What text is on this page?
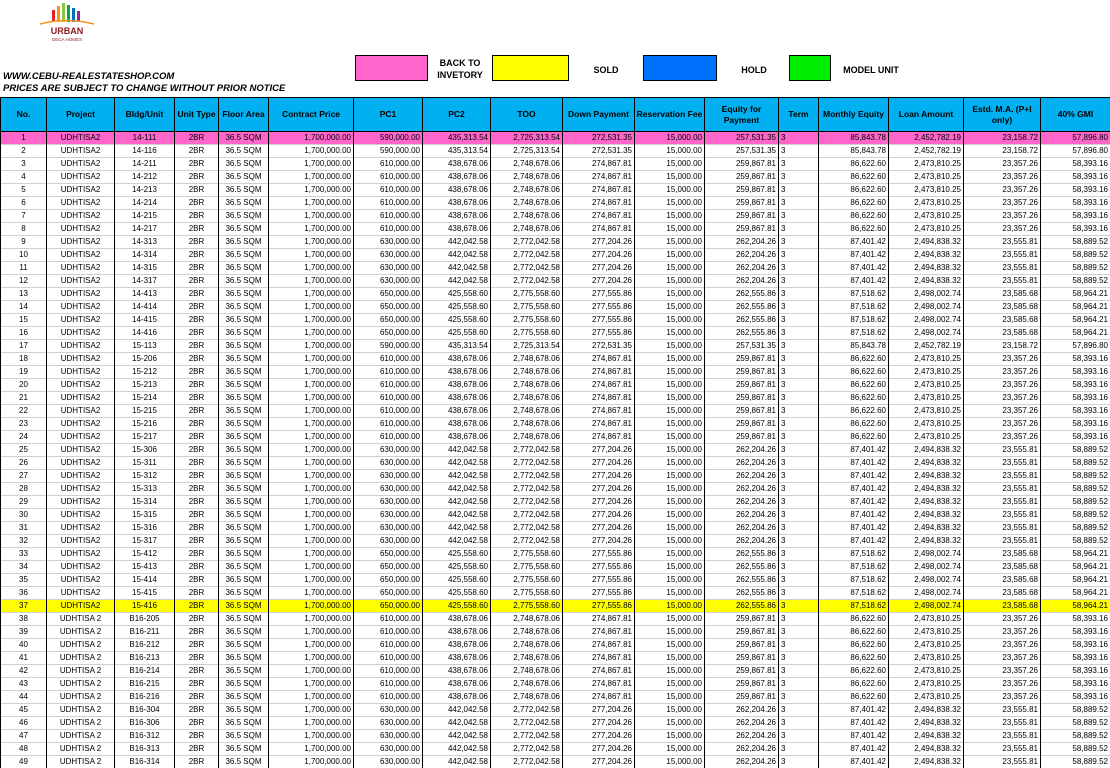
URBAN
DECA HOMES
WWW.CEBU-REALESTATESHOP.COM
PRICES ARE SUBJECT TO CHANGE WITHOUT PRIOR NOTICE
BACK TO
INVETORY	SOLD	HOLD	MODEL UNIT
No.	Project	Bldg/Unit	Unit Type	Floor Area	Contract Price	PC1	PC2	TOO	Down Payment	Reservation Fee	Equity for Payment	Term	Monthly Equity	Loan Amount	Estd. M.A. (P+I only)	40% GMI
1	UDHTISA2	14-111	2BR	36.5 SQM	1,700,000.00	590,000.00	435,313.54	2,725,313.54	272,531.35	15,000.00	257,531.35	3	85,843.78	2,452,782.19	23,158.72	57,896.80
2	UDHTISA2	14-116	2BR	36.5 SQM	1,700,000.00	590,000.00	435,313.54	2,725,313.54	272,531.35	15,000.00	257,531.35	3	85,843.78	2,452,782.19	23,158.72	57,896.80
3	UDHTISA2	14-211	2BR	36.5 SQM	1,700,000.00	610,000.00	438,678.06	2,748,678.06	274,867.81	15,000.00	259,867.81	3	86,622.60	2,473,810.25	23,357.26	58,393.16
4	UDHTISA2	14-212	2BR	36.5 SQM	1,700,000.00	610,000.00	438,678.06	2,748,678.06	274,867.81	15,000.00	259,867.81	3	86,622.60	2,473,810.25	23,357.26	58,393.16
5	UDHTISA2	14-213	2BR	36.5 SQM	1,700,000.00	610,000.00	438,678.06	2,748,678.06	274,867.81	15,000.00	259,867.81	3	86,622.60	2,473,810.25	23,357.26	58,393.16
6	UDHTISA2	14-214	2BR	36.5 SQM	1,700,000.00	610,000.00	438,678.06	2,748,678.06	274,867.81	15,000.00	259,867.81	3	86,622.60	2,473,810.25	23,357.26	58,393.16
7	UDHTISA2	14-215	2BR	36.5 SQM	1,700,000.00	610,000.00	438,678.06	2,748,678.06	274,867.81	15,000.00	259,867.81	3	86,622.60	2,473,810.25	23,357.26	58,393.16
8	UDHTISA2	14-217	2BR	36.5 SQM	1,700,000.00	610,000.00	438,678.06	2,748,678.06	274,867.81	15,000.00	259,867.81	3	86,622.60	2,473,810.25	23,357.26	58,393.16
9	UDHTISA2	14-313	2BR	36.5 SQM	1,700,000.00	630,000.00	442,042.58	2,772,042.58	277,204.26	15,000.00	262,204.26	3	87,401.42	2,494,838.32	23,555.81	58,889.52
10	UDHTISA2	14-314	2BR	36.5 SQM	1,700,000.00	630,000.00	442,042.58	2,772,042.58	277,204.26	15,000.00	262,204.26	3	87,401.42	2,494,838.32	23,555.81	58,889.52
11	UDHTISA2	14-315	2BR	36.5 SQM	1,700,000.00	630,000.00	442,042.58	2,772,042.58	277,204.26	15,000.00	262,204.26	3	87,401.42	2,494,838.32	23,555.81	58,889.52
12	UDHTISA2	14-317	2BR	36.5 SQM	1,700,000.00	630,000.00	442,042.58	2,772,042.58	277,204.26	15,000.00	262,204.26	3	87,401.42	2,494,838.32	23,555.81	58,889.52
13	UDHTISA2	14-413	2BR	36.5 SQM	1,700,000.00	650,000.00	425,558.60	2,775,558.60	277,555.86	15,000.00	262,555.86	3	87,518.62	2,498,002.74	23,585.68	58,964.21
14	UDHTISA2	14-414	2BR	36.5 SQM	1,700,000.00	650,000.00	425,558.60	2,775,558.60	277,555.86	15,000.00	262,555.86	3	87,518.62	2,498,002.74	23,585.68	58,964.21
15	UDHTISA2	14-415	2BR	36.5 SQM	1,700,000.00	650,000.00	425,558.60	2,775,558.60	277,555.86	15,000.00	262,555.86	3	87,518.62	2,498,002.74	23,585.68	58,964.21
16	UDHTISA2	14-416	2BR	36.5 SQM	1,700,000.00	650,000.00	425,558.60	2,775,558.60	277,555.86	15,000.00	262,555.86	3	87,518.62	2,498,002.74	23,585.68	58,964.21
17	UDHTISA2	15-113	2BR	36.5 SQM	1,700,000.00	590,000.00	435,313.54	2,725,313.54	272,531.35	15,000.00	257,531.35	3	85,843.78	2,452,782.19	23,158.72	57,896.80
18	UDHTISA2	15-206	2BR	36.5 SQM	1,700,000.00	610,000.00	438,678.06	2,748,678.06	274,867.81	15,000.00	259,867.81	3	86,622.60	2,473,810.25	23,357.26	58,393.16
19	UDHTISA2	15-212	2BR	36.5 SQM	1,700,000.00	610,000.00	438,678.06	2,748,678.06	274,867.81	15,000.00	259,867.81	3	86,622.60	2,473,810.25	23,357.26	58,393.16
20	UDHTISA2	15-213	2BR	36.5 SQM	1,700,000.00	610,000.00	438,678.06	2,748,678.06	274,867.81	15,000.00	259,867.81	3	86,622.60	2,473,810.25	23,357.26	58,393.16
21	UDHTISA2	15-214	2BR	36.5 SQM	1,700,000.00	610,000.00	438,678.06	2,748,678.06	274,867.81	15,000.00	259,867.81	3	86,622.60	2,473,810.25	23,357.26	58,393.16
22	UDHTISA2	15-215	2BR	36.5 SQM	1,700,000.00	610,000.00	438,678.06	2,748,678.06	274,867.81	15,000.00	259,867.81	3	86,622.60	2,473,810.25	23,357.26	58,393.16
23	UDHTISA2	15-216	2BR	36.5 SQM	1,700,000.00	610,000.00	438,678.06	2,748,678.06	274,867.81	15,000.00	259,867.81	3	86,622.60	2,473,810.25	23,357.26	58,393.16
24	UDHTISA2	15-217	2BR	36.5 SQM	1,700,000.00	610,000.00	438,678.06	2,748,678.06	274,867.81	15,000.00	259,867.81	3	86,622.60	2,473,810.25	23,357.26	58,393.16
25	UDHTISA2	15-306	2BR	36.5 SQM	1,700,000.00	630,000.00	442,042.58	2,772,042.58	277,204.26	15,000.00	262,204.26	3	87,401.42	2,494,838.32	23,555.81	58,889.52
26	UDHTISA2	15-311	2BR	36.5 SQM	1,700,000.00	630,000.00	442,042.58	2,772,042.58	277,204.26	15,000.00	262,204.26	3	87,401.42	2,494,838.32	23,555.81	58,889.52
27	UDHTISA2	15-312	2BR	36.5 SQM	1,700,000.00	630,000.00	442,042.58	2,772,042.58	277,204.26	15,000.00	262,204.26	3	87,401.42	2,494,838.32	23,555.81	58,889.52
28	UDHTISA2	15-313	2BR	36.5 SQM	1,700,000.00	630,000.00	442,042.58	2,772,042.58	277,204.26	15,000.00	262,204.26	3	87,401.42	2,494,838.32	23,555.81	58,889.52
29	UDHTISA2	15-314	2BR	36.5 SQM	1,700,000.00	630,000.00	442,042.58	2,772,042.58	277,204.26	15,000.00	262,204.26	3	87,401.42	2,494,838.32	23,555.81	58,889.52
30	UDHTISA2	15-315	2BR	36.5 SQM	1,700,000.00	630,000.00	442,042.58	2,772,042.58	277,204.26	15,000.00	262,204.26	3	87,401.42	2,494,838.32	23,555.81	58,889.52
31	UDHTISA2	15-316	2BR	36.5 SQM	1,700,000.00	630,000.00	442,042.58	2,772,042.58	277,204.26	15,000.00	262,204.26	3	87,401.42	2,494,838.32	23,555.81	58,889.52
32	UDHTISA2	15-317	2BR	36.5 SQM	1,700,000.00	630,000.00	442,042.58	2,772,042.58	277,204.26	15,000.00	262,204.26	3	87,401.42	2,494,838.32	23,555.81	58,889.52
33	UDHTISA2	15-412	2BR	36.5 SQM	1,700,000.00	650,000.00	425,558.60	2,775,558.60	277,555.86	15,000.00	262,555.86	3	87,518.62	2,498,002.74	23,585.68	58,964.21
34	UDHTISA2	15-413	2BR	36.5 SQM	1,700,000.00	650,000.00	425,558.60	2,775,558.60	277,555.86	15,000.00	262,555.86	3	87,518.62	2,498,002.74	23,585.68	58,964.21
35	UDHTISA2	15-414	2BR	36.5 SQM	1,700,000.00	650,000.00	425,558.60	2,775,558.60	277,555.86	15,000.00	262,555.86	3	87,518.62	2,498,002.74	23,585.68	58,964.21
36	UDHTISA2	15-415	2BR	36.5 SQM	1,700,000.00	650,000.00	425,558.60	2,775,558.60	277,555.86	15,000.00	262,555.86	3	87,518.62	2,498,002.74	23,585.68	58,964.21
37	UDHTISA2	15-416	2BR	36.5 SQM	1,700,000.00	650,000.00	425,558.60	2,775,558.60	277,555.86	15,000.00	262,555.86	3	87,518.62	2,498,002.74	23,585.68	58,964.21
38	UDHTISA 2	B16-205	2BR	36.5 SQM	1,700,000.00	610,000.00	438,678.06	2,748,678.06	274,867.81	15,000.00	259,867.81	3	86,622.60	2,473,810.25	23,357.26	58,393.16
39	UDHTISA 2	B16-211	2BR	36.5 SQM	1,700,000.00	610,000.00	438,678.06	2,748,678.06	274,867.81	15,000.00	259,867.81	3	86,622.60	2,473,810.25	23,357.26	58,393.16
40	UDHTISA 2	B16-212	2BR	36.5 SQM	1,700,000.00	610,000.00	438,678.06	2,748,678.06	274,867.81	15,000.00	259,867.81	3	86,622.60	2,473,810.25	23,357.26	58,393.16
41	UDHTISA 2	B16-213	2BR	36.5 SQM	1,700,000.00	610,000.00	438,678.06	2,748,678.06	274,867.81	15,000.00	259,867.81	3	86,622.60	2,473,810.25	23,357.26	58,393.16
42	UDHTISA 2	B16-214	2BR	36.5 SQM	1,700,000.00	610,000.00	438,678.06	2,748,678.06	274,867.81	15,000.00	259,867.81	3	86,622.60	2,473,810.25	23,357.26	58,393.16
43	UDHTISA 2	B16-215	2BR	36.5 SQM	1,700,000.00	610,000.00	438,678.06	2,748,678.06	274,867.81	15,000.00	259,867.81	3	86,622.60	2,473,810.25	23,357.26	58,393.16
44	UDHTISA 2	B16-216	2BR	36.5 SQM	1,700,000.00	610,000.00	438,678.06	2,748,678.06	274,867.81	15,000.00	259,867.81	3	86,622.60	2,473,810.25	23,357.26	58,393.16
45	UDHTISA 2	B16-304	2BR	36.5 SQM	1,700,000.00	630,000.00	442,042.58	2,772,042.58	277,204.26	15,000.00	262,204.26	3	87,401.42	2,494,838.32	23,555.81	58,889.52
46	UDHTISA 2	B16-306	2BR	36.5 SQM	1,700,000.00	630,000.00	442,042.58	2,772,042.58	277,204.26	15,000.00	262,204.26	3	87,401.42	2,494,838.32	23,555.81	58,889.52
47	UDHTISA 2	B16-312	2BR	36.5 SQM	1,700,000.00	630,000.00	442,042.58	2,772,042.58	277,204.26	15,000.00	262,204.26	3	87,401.42	2,494,838.32	23,555.81	58,889.52
48	UDHTISA 2	B16-313	2BR	36.5 SQM	1,700,000.00	630,000.00	442,042.58	2,772,042.58	277,204.26	15,000.00	262,204.26	3	87,401.42	2,494,838.32	23,555.81	58,889.52
49	UDHTISA 2	B16-314	2BR	36.5 SQM	1,700,000.00	630,000.00	442,042.58	2,772,042.58	277,204.26	15,000.00	262,204.26	3	87,401.42	2,494,838.32	23,555.81	58,889.52
